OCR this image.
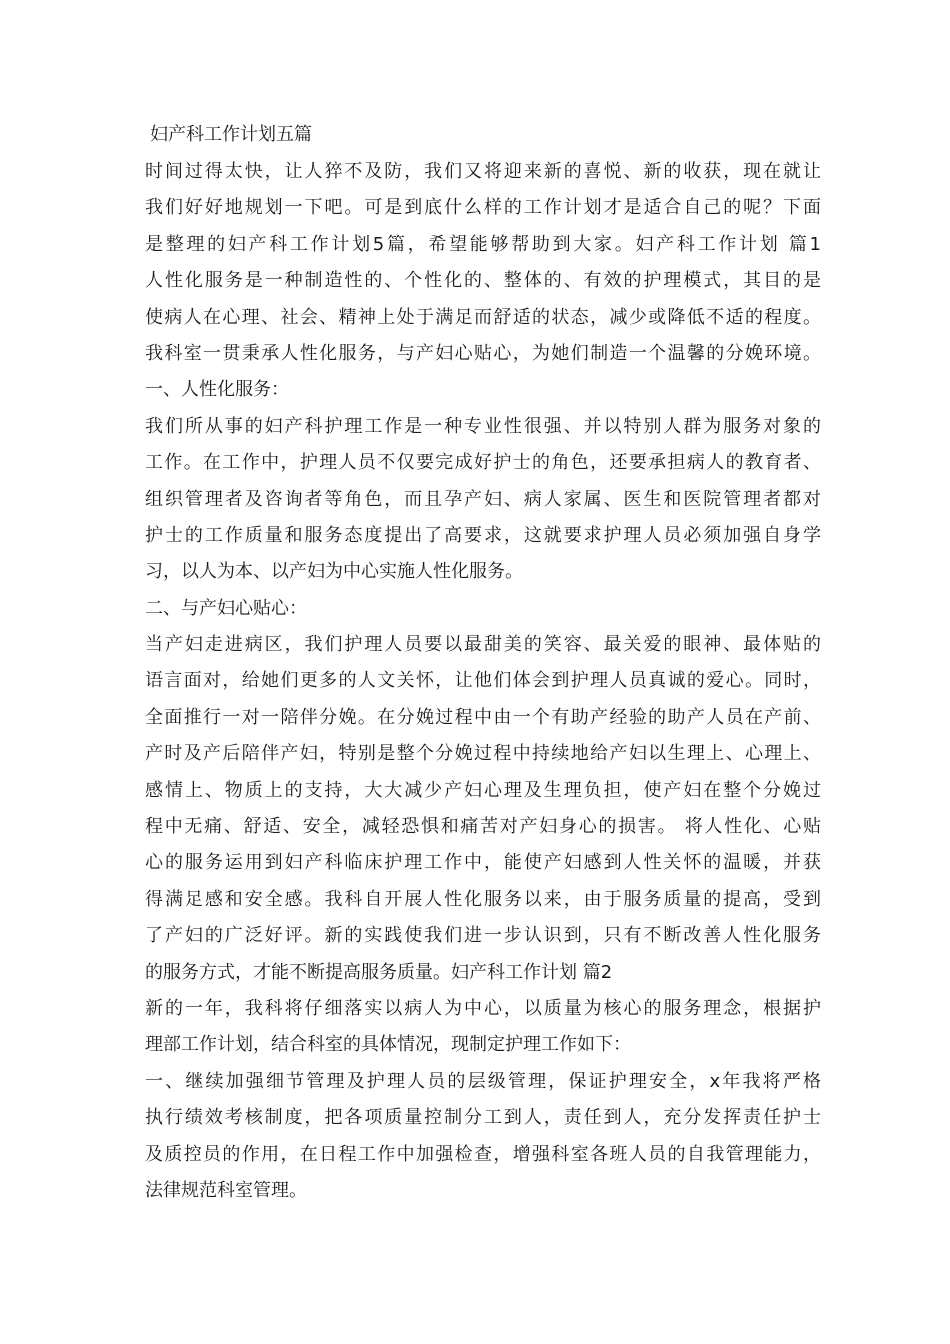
妇产科工作计划五篇
时间过得太快，让人猝不及防，我们又将迎来新的喜悦、新的收获，现在就让
我们好好地规划一下吧。可是到底什么样的工作计划才是适合自己的呢？下面
是整理的妇产科工作计划5篇，希望能够帮助到大家。妇产科工作计划 篇1
人性化服务是一种制造性的、个性化的、整体的、有效的护理模式，其目的是
使病人在心理、社会、精神上处于满足而舒适的状态，减少或降低不适的程度。
我科室一贯秉承人性化服务，与产妇心贴心，为她们制造一个温馨的分娩环境。
一、人性化服务：
我们所从事的妇产科护理工作是一种专业性很强、并以特别人群为服务对象的
工作。在工作中，护理人员不仅要完成好护士的角色，还要承担病人的教育者、
组织管理者及咨询者等角色，而且孕产妇、病人家属、医生和医院管理者都对
护士的工作质量和服务态度提出了高要求，这就要求护理人员必须加强自身学
习，以人为本、以产妇为中心实施人性化服务。
二、与产妇心贴心：
当产妇走进病区，我们护理人员要以最甜美的笑容、最关爱的眼神、最体贴的
语言面对，给她们更多的人文关怀，让他们体会到护理人员真诚的爱心。同时，
全面推行一对一陪伴分娩。在分娩过程中由一个有助产经验的助产人员在产前、
产时及产后陪伴产妇，特别是整个分娩过程中持续地给产妇以生理上、心理上、
感情上、物质上的支持，大大减少产妇心理及生理负担，使产妇在整个分娩过
程中无痛、舒适、安全，减轻恐惧和痛苦对产妇身心的损害。 将人性化、心贴
心的服务运用到妇产科临床护理工作中，能使产妇感到人性关怀的温暖，并获
得满足感和安全感。我科自开展人性化服务以来，由于服务质量的提高，受到
了产妇的广泛好评。新的实践使我们进一步认识到，只有不断改善人性化服务
的服务方式，才能不断提高服务质量。妇产科工作计划 篇2
新的一年，我科将仔细落实以病人为中心，以质量为核心的服务理念，根据护
理部工作计划，结合科室的具体情况，现制定护理工作如下：
一、继续加强细节管理及护理人员的层级管理，保证护理安全，x年我将严格
执行绩效考核制度，把各项质量控制分工到人，责任到人，充分发挥责任护士
及质控员的作用，在日程工作中加强检查，增强科室各班人员的自我管理能力，
法律规范科室管理。
